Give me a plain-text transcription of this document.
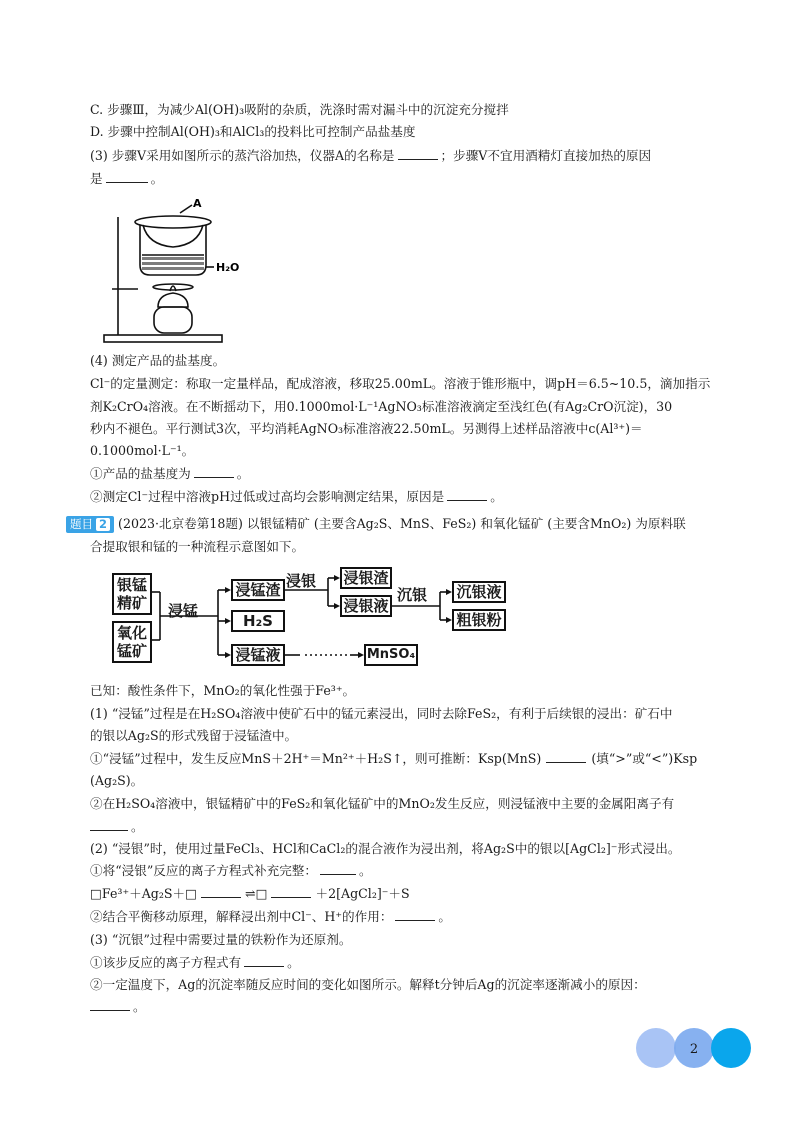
C. 步骤Ⅲ，为减少Al(OH)₃吸附的杂质，洗涤时需对漏斗中的沉淀充分搅拌
D. 步骤中控制Al(OH)₃和AlCl₃的投料比可控制产品盐基度
(3) 步骤V采用如图所示的蒸汽浴加热，仪器A的名称是	；步骤V不宜用酒精灯直接加热的原因
是	。
A
H₂O
(4) 测定产品的盐基度。
Cl⁻的定量测定：称取一定量样品，配成溶液，移取25.00mL。溶液于锥形瓶中，调pH＝6.5~10.5，滴加指示
剂K₂CrO₄溶液。在不断摇动下，用0.1000mol·L⁻¹AgNO₃标准溶液滴定至浅红色(有Ag₂CrO沉淀)，30
秒内不褪色。平行测试3次，平均消耗AgNO₃标准溶液22.50mL。另测得上述样品溶液中c(Al³⁺)＝
0.1000mol·L⁻¹。
①产品的盐基度为	。
②测定Cl⁻过程中溶液pH过低或过高均会影响测定结果，原因是	。
题目 2 (2023·北京卷第18题) 以银锰精矿 (主要含Ag₂S、MnS、FeS₂) 和氧化锰矿 (主要含MnO₂) 为原料联
合提取银和锰的一种流程示意图如下。
银锰精矿
氧化锰矿
浸锰
浸锰渣
H₂S
浸锰液
浸银 浸银渣
浸银液
沉银 沉银液
粗银粉
MnSO₄
已知：酸性条件下，MnO₂的氧化性强于Fe³⁺。
(1) “浸锰”过程是在H₂SO₄溶液中使矿石中的锰元素浸出，同时去除FeS₂，有利于后续银的浸出：矿石中
的银以Ag₂S的形式残留于浸锰渣中。
①“浸锰”过程中，发生反应MnS＋2H⁺＝Mn²⁺＋H₂S↑，则可推断：Ksp(MnS)	(填“>”或“<”)Ksp
(Ag₂S)。
②在H₂SO₄溶液中，银锰精矿中的FeS₂和氧化锰矿中的MnO₂发生反应，则浸锰液中主要的金属阳离子有
。
(2) “浸银”时，使用过量FeCl₃、HCl和CaCl₂的混合液作为浸出剂，将Ag₂S中的银以[AgCl₂]⁻形式浸出。
①将“浸银”反应的离子方程式补充完整：	。
□Fe³⁺＋Ag₂S＋□	⇌□	＋2[AgCl₂]⁻＋S
②结合平衡移动原理，解释浸出剂中Cl⁻、H⁺的作用：	。
(3) “沉银”过程中需要过量的铁粉作为还原剂。
①该步反应的离子方程式有	。
②一定温度下，Ag的沉淀率随反应时间的变化如图所示。解释t分钟后Ag的沉淀率逐渐减小的原因：
。
2
